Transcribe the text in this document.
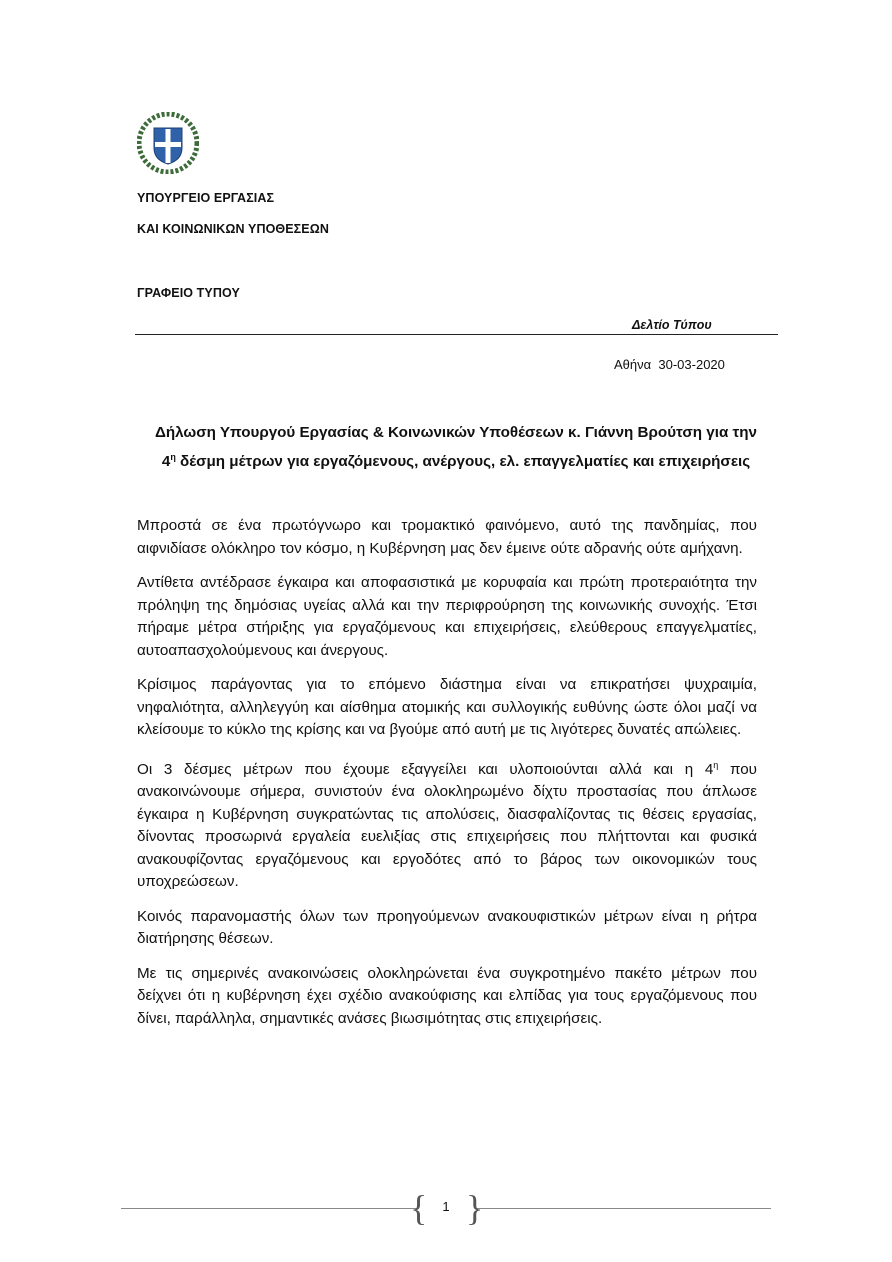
ΥΠΟΥΡΓΕΙΟ ΕΡΓΑΣΙΑΣ
ΚΑΙ ΚΟΙΝΩΝΙΚΩΝ ΥΠΟΘΕΣΕΩΝ
ΓΡΑΦΕΙΟ ΤΥΠΟΥ
Δελτίο Τύπου
Αθήνα 30-03-2020
Δήλωση Υπουργού Εργασίας & Κοινωνικών Υποθέσεων κ. Γιάννη Βρούτση για την
$4^\eta$ δέσμη μέτρων για εργαζόμενους, ανέργους, ελ. επαγγελματίες και επιχειρήσεις

Μπροστά σε ένα πρωτόγνωρο και τρομακτικό φαινόμενο, αυτό της πανδημίας, που αιφνιδίασε ολόκληρο τον κόσμο, η Κυβέρνηση μας δεν έμεινε ούτε αδρανής ούτε αμήχανη.

Αντίθετα αντέδρασε έγκαιρα και αποφασιστικά με κορυφαία και πρώτη προτεραιότητα την πρόληψη της δημόσιας υγείας αλλά και την περιφρούρηση της κοινωνικής συνοχής. Έτσι πήραμε μέτρα στήριξης για εργαζόμενους και επιχειρήσεις, ελεύθερους επαγγελματίες, αυτοαπασχολούμενους και άνεργους.

Κρίσιμος παράγοντας για το επόμενο διάστημα είναι να επικρατήσει ψυχραιμία, νηφαλιότητα, αλληλεγγύη και αίσθημα ατομικής και συλλογικής ευθύνης ώστε όλοι μαζί να κλείσουμε το κύκλο της κρίσης και να βγούμε από αυτή με τις λιγότερες δυνατές απώλειες.

Οι 3 δέσμες μέτρων που έχουμε εξαγγείλει και υλοποιούνται αλλά και η $4^\eta$ που ανακοινώνουμε σήμερα, συνιστούν ένα ολοκληρωμένο δίχτυ προστασίας που άπλωσε έγκαιρα η Κυβέρνηση συγκρατώντας τις απολύσεις, διασφαλίζοντας τις θέσεις εργασίας, δίνοντας προσωρινά εργαλεία ευελιξίας στις επιχειρήσεις που πλήττονται και φυσικά ανακουφίζοντας εργαζόμενους και εργοδότες από το βάρος των οικονομικών τους υποχρεώσεων.

Κοινός παρανομαστής όλων των προηγούμενων ανακουφιστικών μέτρων είναι η ρήτρα διατήρησης θέσεων.

Με τις σημερινές ανακοινώσεις ολοκληρώνεται ένα συγκροτημένο πακέτο μέτρων που δείχνει ότι η κυβέρνηση έχει σχέδιο ανακούφισης και ελπίδας για τους εργαζόμενους που δίνει, παράλληλα, σημαντικές ανάσες βιωσιμότητας στις επιχειρήσεις.

{ }
1
